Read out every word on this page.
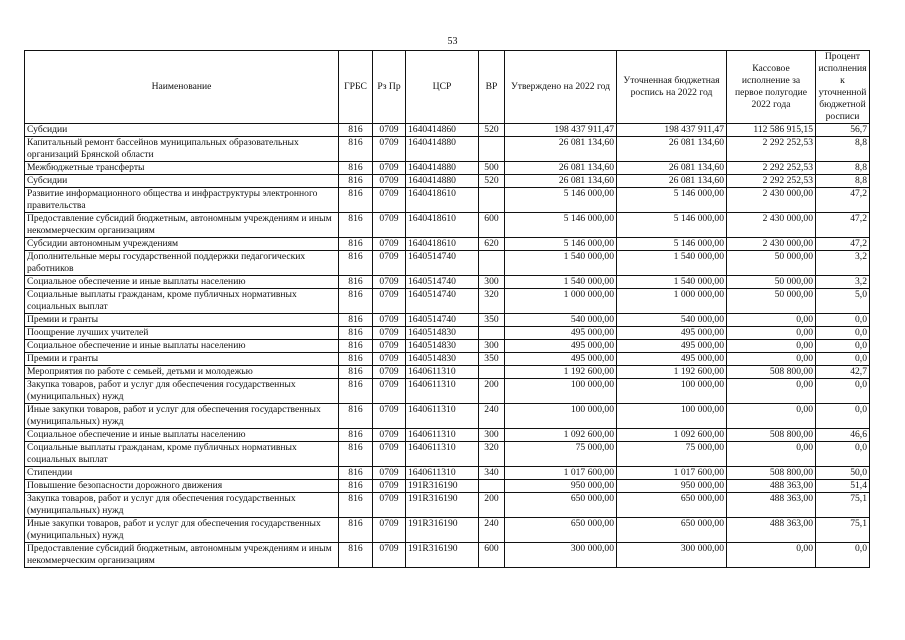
53
Наименование	ГРБС	Рз Пр	ЦСР	ВР	Утверждено на 2022 год	Уточненная бюджетная роспись на 2022 год	Кассовое исполнение за первое полугодие 2022 года	Процент исполнения к уточненной бюджетной росписи
Субсидии	816	0709	1640414860	520	198 437 911,47	198 437 911,47	112 586 915,15	56,7
Капитальный ремонт бассейнов муниципальных образовательных организаций Брянской области	816	0709	1640414880		26 081 134,60	26 081 134,60	2 292 252,53	8,8
Межбюджетные трансферты	816	0709	1640414880	500	26 081 134,60	26 081 134,60	2 292 252,53	8,8
Субсидии	816	0709	1640414880	520	26 081 134,60	26 081 134,60	2 292 252,53	8,8
Развитие информационного общества и инфраструктуры электронного правительства	816	0709	1640418610		5 146 000,00	5 146 000,00	2 430 000,00	47,2
Предоставление субсидий бюджетным, автономным учреждениям и иным некоммерческим организациям	816	0709	1640418610	600	5 146 000,00	5 146 000,00	2 430 000,00	47,2
Субсидии автономным учреждениям	816	0709	1640418610	620	5 146 000,00	5 146 000,00	2 430 000,00	47,2
Дополнительные меры государственной поддержки педагогических работников	816	0709	1640514740		1 540 000,00	1 540 000,00	50 000,00	3,2
Социальное обеспечение и иные выплаты населению	816	0709	1640514740	300	1 540 000,00	1 540 000,00	50 000,00	3,2
Социальные выплаты гражданам, кроме публичных нормативных социальных выплат	816	0709	1640514740	320	1 000 000,00	1 000 000,00	50 000,00	5,0
Премии и гранты	816	0709	1640514740	350	540 000,00	540 000,00	0,00	0,0
Поощрение лучших учителей	816	0709	1640514830		495 000,00	495 000,00	0,00	0,0
Социальное обеспечение и иные выплаты населению	816	0709	1640514830	300	495 000,00	495 000,00	0,00	0,0
Премии и гранты	816	0709	1640514830	350	495 000,00	495 000,00	0,00	0,0
Мероприятия по работе с семьей, детьми и молодежью	816	0709	1640611310		1 192 600,00	1 192 600,00	508 800,00	42,7
Закупка товаров, работ и услуг для обеспечения государственных (муниципальных) нужд	816	0709	1640611310	200	100 000,00	100 000,00	0,00	0,0
Иные закупки товаров, работ и услуг для обеспечения государственных (муниципальных) нужд	816	0709	1640611310	240	100 000,00	100 000,00	0,00	0,0
Социальное обеспечение и иные выплаты населению	816	0709	1640611310	300	1 092 600,00	1 092 600,00	508 800,00	46,6
Социальные выплаты гражданам, кроме публичных нормативных социальных выплат	816	0709	1640611310	320	75 000,00	75 000,00	0,00	0,0
Стипендии	816	0709	1640611310	340	1 017 600,00	1 017 600,00	508 800,00	50,0
Повышение безопасности дорожного движения	816	0709	191R316190		950 000,00	950 000,00	488 363,00	51,4
Закупка товаров, работ и услуг для обеспечения государственных (муниципальных) нужд	816	0709	191R316190	200	650 000,00	650 000,00	488 363,00	75,1
Иные закупки товаров, работ и услуг для обеспечения государственных (муниципальных) нужд	816	0709	191R316190	240	650 000,00	650 000,00	488 363,00	75,1
Предоставление субсидий бюджетным, автономным учреждениям и иным некоммерческим организациям	816	0709	191R316190	600	300 000,00	300 000,00	0,00	0,0
